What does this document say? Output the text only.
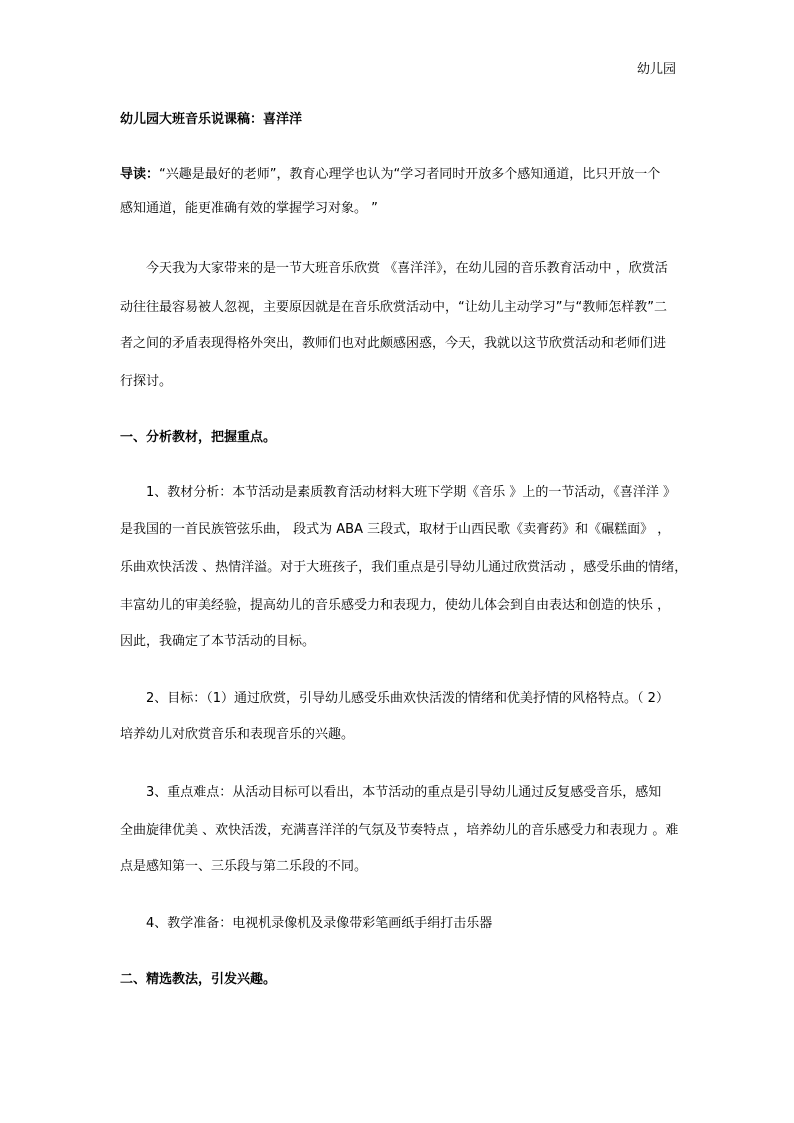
幼儿园
幼儿园大班音乐说课稿：喜洋洋
导读：“兴趣是最好的老师”，教育心理学也认为“学习者同时开放多个感知通道，比只开放一个
感知通道，能更准确有效的掌握学习对象。 ”
今天我为大家带来的是一节大班音乐欣赏 《喜洋洋》，在幼儿园的音乐教育活动中 ，欣赏活
动往往最容易被人忽视，主要原因就是在音乐欣赏活动中，“让幼儿主动学习”与“教师怎样教”二
者之间的矛盾表现得格外突出，教师们也对此颇感困惑，今天，我就以这节欣赏活动和老师们进
行探讨。
一、分析教材，把握重点。
1、教材分析：本节活动是素质教育活动材料大班下学期《音乐 》上的一节活动，《喜洋洋 》
是我国的一首民族管弦乐曲， 段式为 ABA 三段式，取材于山西民歌《卖膏药》和《碾糕面》 ，
乐曲欢快活泼 、热情洋溢。对于大班孩子，我们重点是引导幼儿通过欣赏活动 ，感受乐曲的情绪，
丰富幼儿的审美经验，提高幼儿的音乐感受力和表现力，使幼儿体会到自由表达和创造的快乐 ，
因此，我确定了本节活动的目标。
2、目标：（1）通过欣赏，引导幼儿感受乐曲欢快活泼的情绪和优美抒情的风格特点。（ 2）
培养幼儿对欣赏音乐和表现音乐的兴趣。
3、重点难点：从活动目标可以看出，本节活动的重点是引导幼儿通过反复感受音乐，感知
全曲旋律优美 、欢快活泼，充满喜洋洋的气氛及节奏特点 ，培养幼儿的音乐感受力和表现力 。难
点是感知第一、三乐段与第二乐段的不同。
4、教学准备：电视机录像机及录像带彩笔画纸手绢打击乐器
二、精选教法，引发兴趣。
